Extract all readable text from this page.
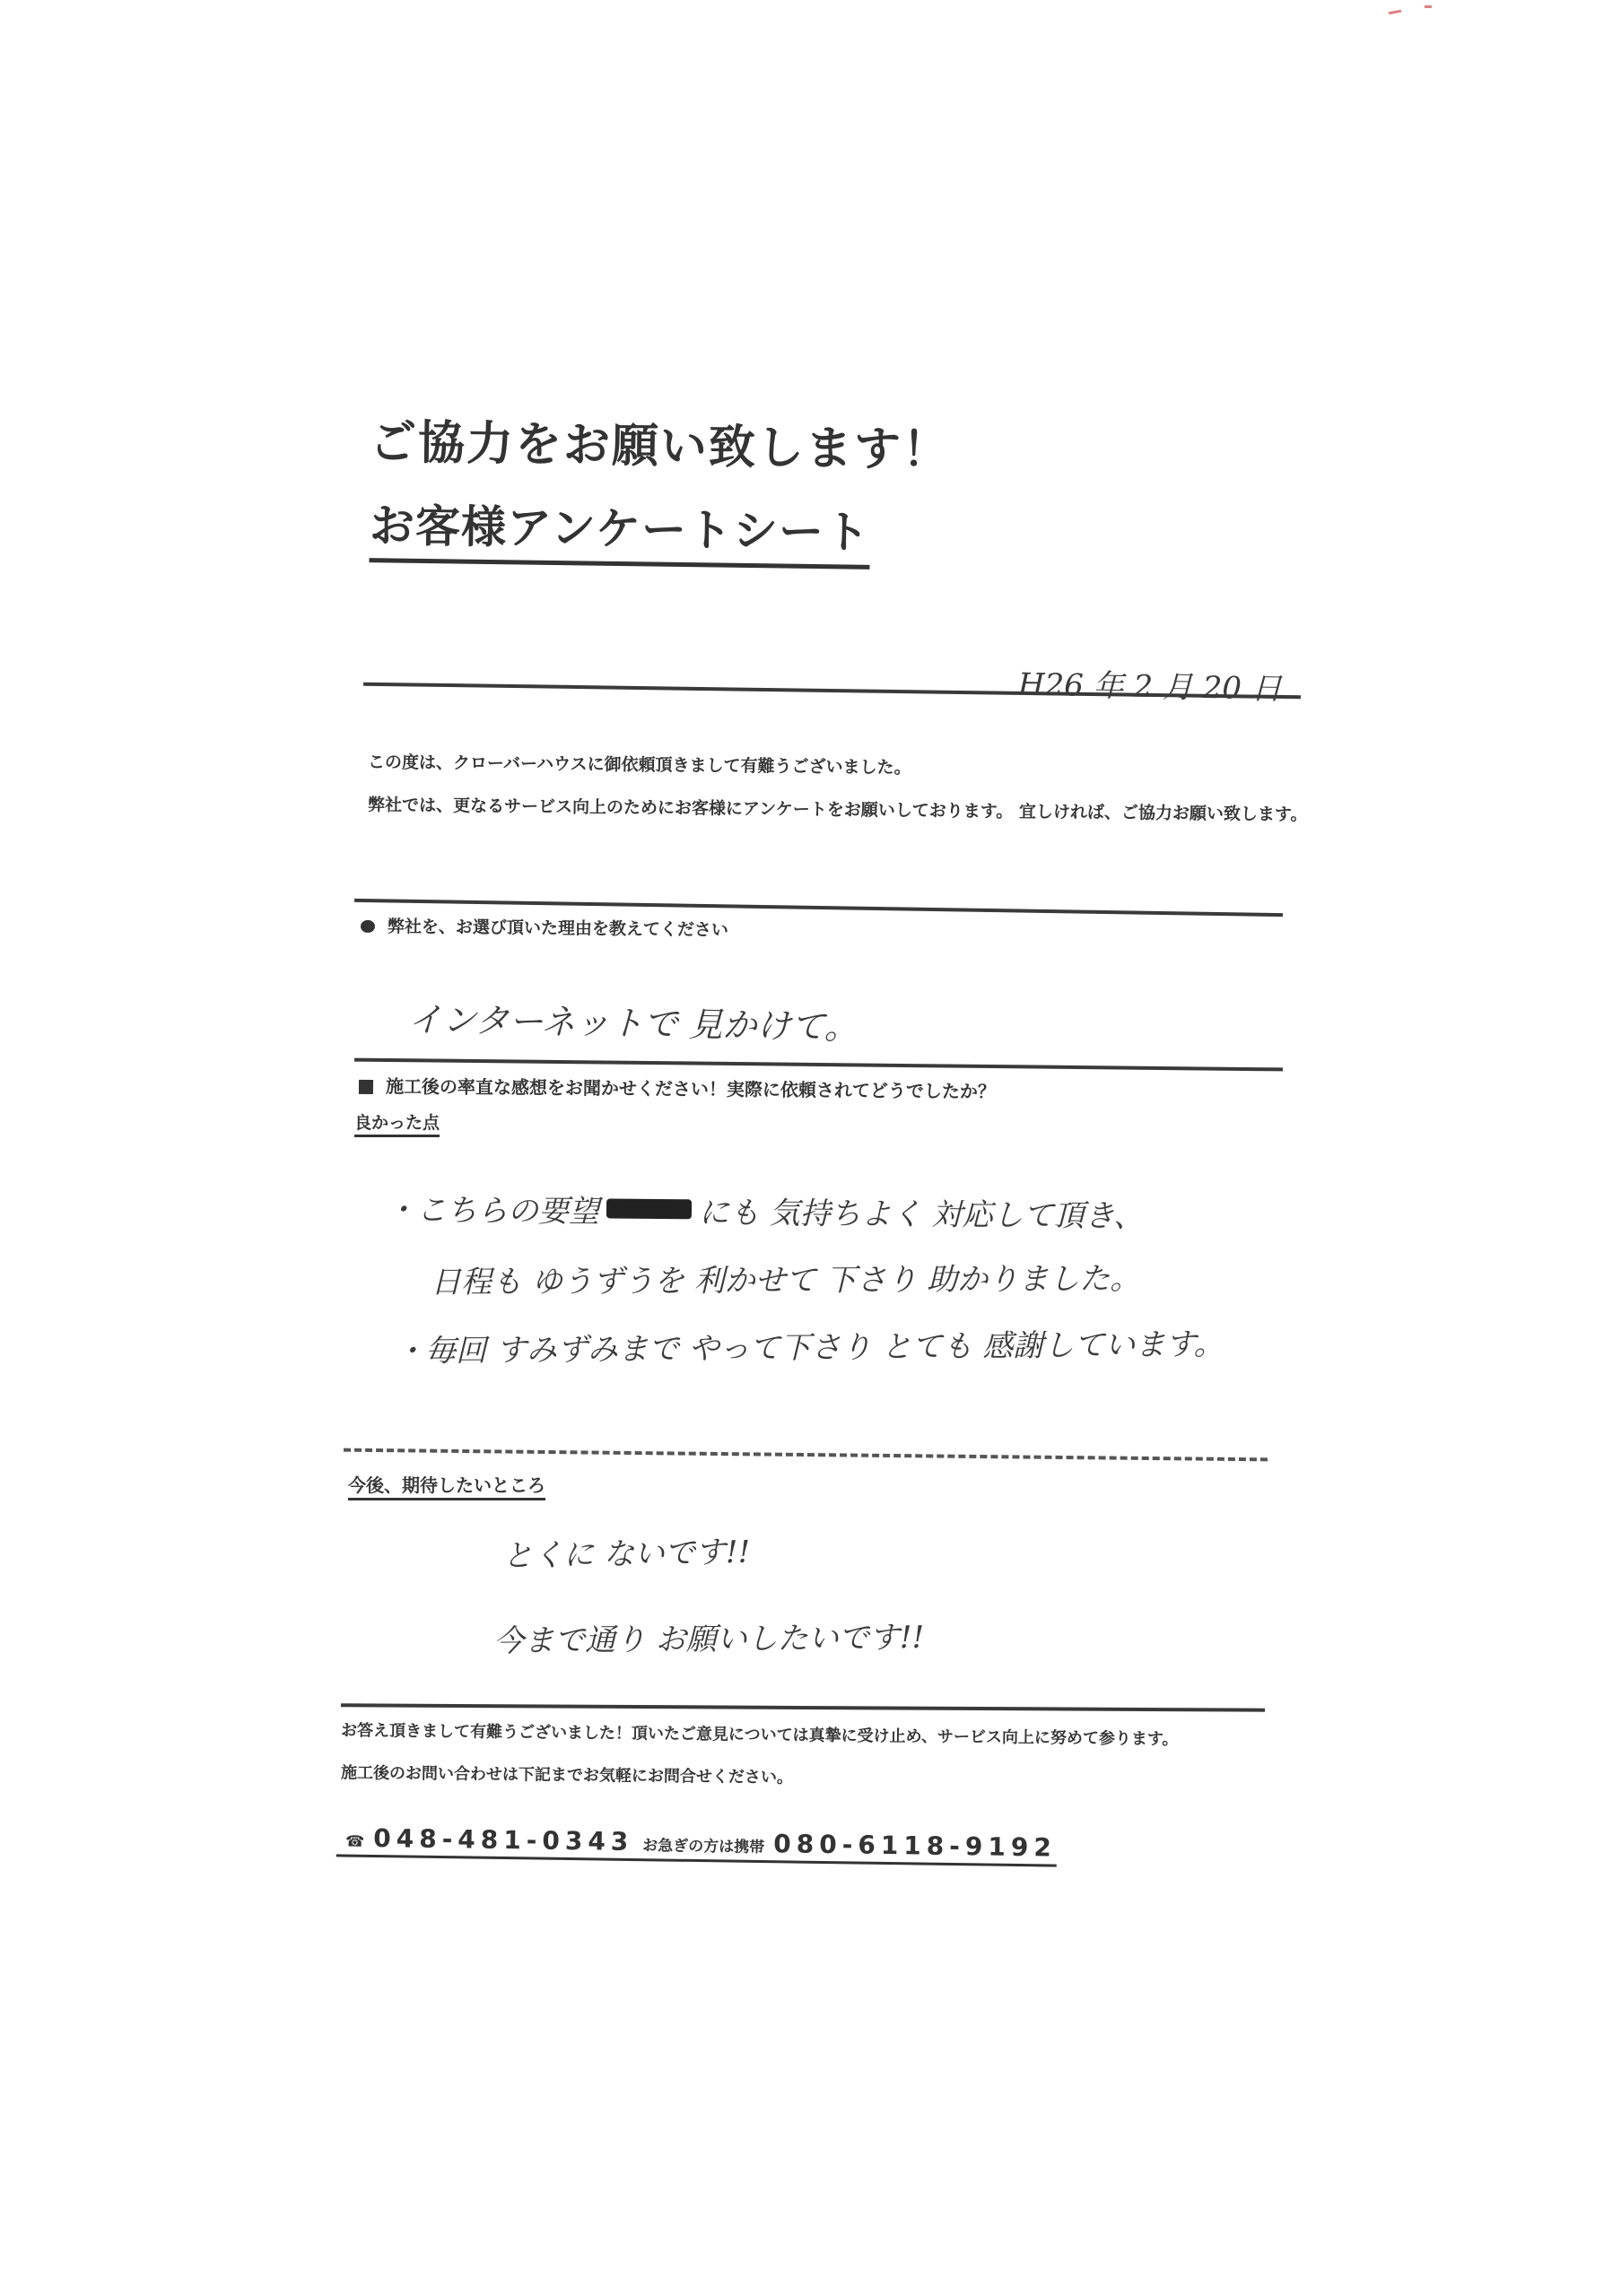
ご協力をお願い致します！
お客様アンケートシート
H26 年 2 月 20 日
この度は、クローバーハウスに御依頼頂きまして有難うございました。
弊社では、更なるサービス向上のためにお客様にアンケートをお願いしております。 宜しければ、ご協力お願い致します。
弊社を、お選び頂いた理由を教えてください
インターネットで 見かけて。
施工後の率直な感想をお聞かせください！実際に依頼されてどうでしたか？
良かった点
・こちらの要望	にも 気持ちよく 対応して頂き、
日程も ゆうずうを 利かせて 下さり 助かりました。
・毎回 すみずみまで やって下さり とても 感謝しています。
今後、期待したいところ
とくに ないです!!
今まで通り お願いしたいです!!
お答え頂きまして有難うございました！頂いたご意見については真摯に受け止め、サービス向上に努めて参ります。
施工後のお問い合わせは下記までお気軽にお問合せください。
☎ 048-481-0343 お急ぎの方は携帯 080-6118-9192
